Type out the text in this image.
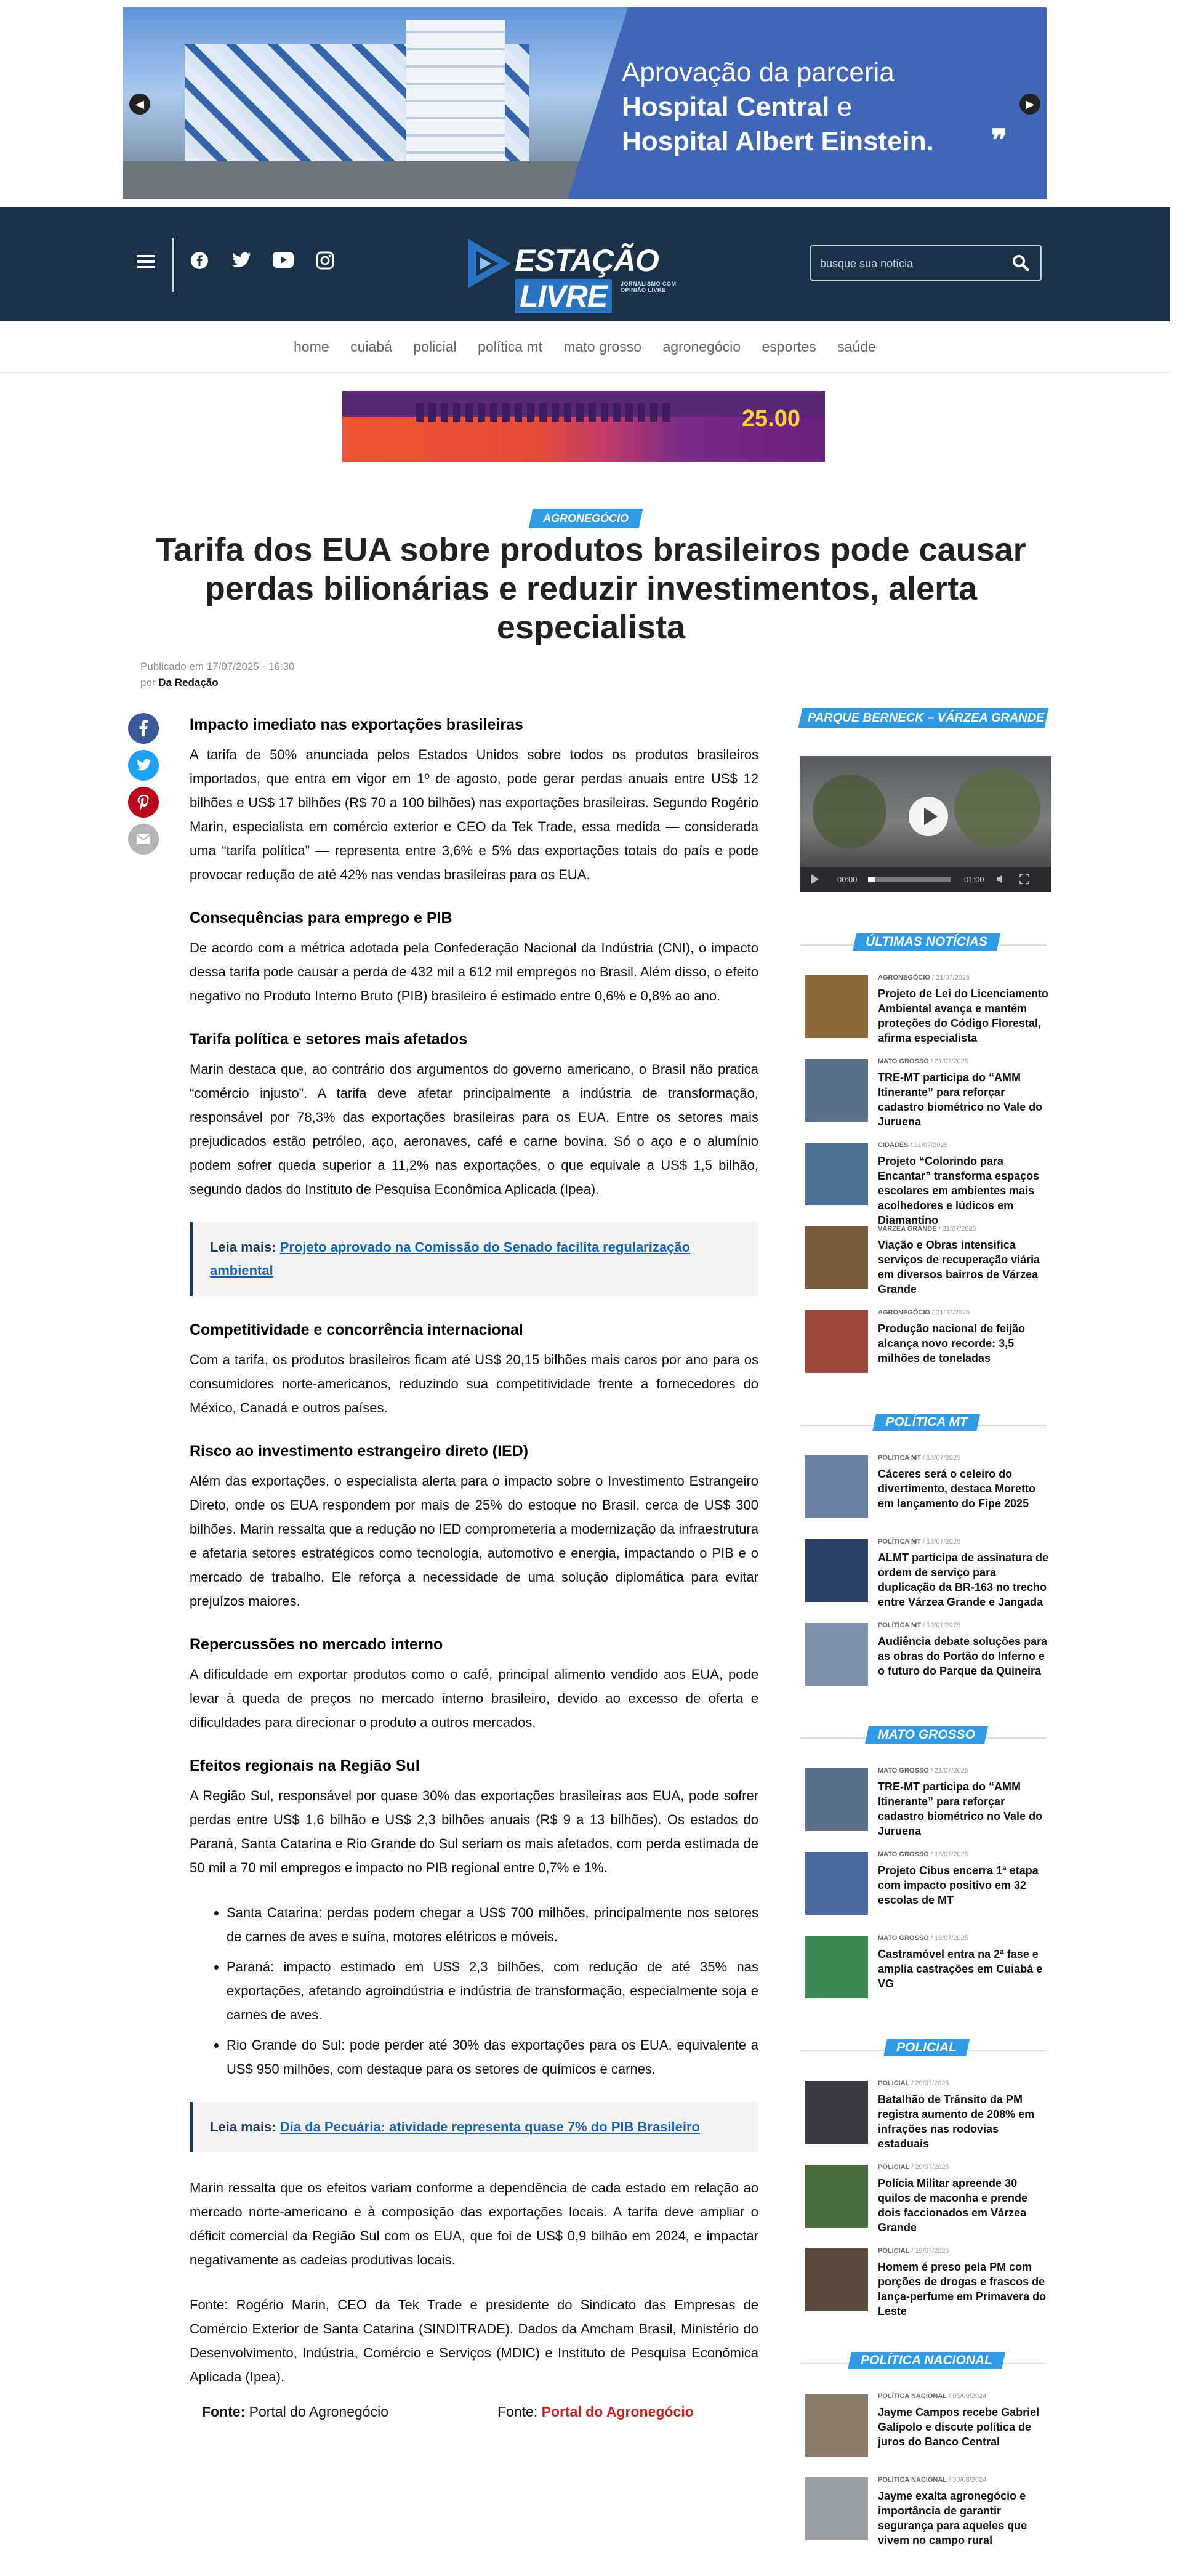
Aprovação da parceria
Hospital Central e
Hospital Albert Einstein. ❞
◀	▶
ESTAÇÃO LIVRE	JORNALISMO COM OPINIÃO LIVRE
busque sua notícia
home cuiabá policial política mt mato grosso agronegócio esportes saúde
25.00
AGRONEGÓCIO
Tarifa dos EUA sobre produtos brasileiros pode causar perdas bilionárias e reduzir investimentos, alerta especialista
Publicado em 17/07/2025 - 16:30
por Da Redação
Impacto imediato nas exportações brasileiras

A tarifa de 50% anunciada pelos Estados Unidos sobre todos os produtos brasileiros importados, que entra em vigor em 1º de agosto, pode gerar perdas anuais entre US$ 12 bilhões e US$ 17 bilhões (R$ 70 a 100 bilhões) nas exportações brasileiras. Segundo Rogério Marin, especialista em comércio exterior e CEO da Tek Trade, essa medida — considerada uma “tarifa política” — representa entre 3,6% e 5% das exportações totais do país e pode provocar redução de até 42% nas vendas brasileiras para os EUA.

Consequências para emprego e PIB

De acordo com a métrica adotada pela Confederação Nacional da Indústria (CNI), o impacto dessa tarifa pode causar a perda de 432 mil a 612 mil empregos no Brasil. Além disso, o efeito negativo no Produto Interno Bruto (PIB) brasileiro é estimado entre 0,6% e 0,8% ao ano.

Tarifa política e setores mais afetados

Marin destaca que, ao contrário dos argumentos do governo americano, o Brasil não pratica “comércio injusto”. A tarifa deve afetar principalmente a indústria de transformação, responsável por 78,3% das exportações brasileiras para os EUA. Entre os setores mais prejudicados estão petróleo, aço, aeronaves, café e carne bovina. Só o aço e o alumínio podem sofrer queda superior a 11,2% nas exportações, o que equivale a US$ 1,5 bilhão, segundo dados do Instituto de Pesquisa Econômica Aplicada (Ipea).

Leia mais: Projeto aprovado na Comissão do Senado facilita regularização ambiental
Competitividade e concorrência internacional

Com a tarifa, os produtos brasileiros ficam até US$ 20,15 bilhões mais caros por ano para os consumidores norte-americanos, reduzindo sua competitividade frente a fornecedores do México, Canadá e outros países.

Risco ao investimento estrangeiro direto (IED)

Além das exportações, o especialista alerta para o impacto sobre o Investimento Estrangeiro Direto, onde os EUA respondem por mais de 25% do estoque no Brasil, cerca de US$ 300 bilhões. Marin ressalta que a redução no IED comprometeria a modernização da infraestrutura e afetaria setores estratégicos como tecnologia, automotivo e energia, impactando o PIB e o mercado de trabalho. Ele reforça a necessidade de uma solução diplomática para evitar prejuízos maiores.

Repercussões no mercado interno

A dificuldade em exportar produtos como o café, principal alimento vendido aos EUA, pode levar à queda de preços no mercado interno brasileiro, devido ao excesso de oferta e dificuldades para direcionar o produto a outros mercados.

Efeitos regionais na Região Sul

A Região Sul, responsável por quase 30% das exportações brasileiras aos EUA, pode sofrer perdas entre US$ 1,6 bilhão e US$ 2,3 bilhões anuais (R$ 9 a 13 bilhões). Os estados do Paraná, Santa Catarina e Rio Grande do Sul seriam os mais afetados, com perda estimada de 50 mil a 70 mil empregos e impacto no PIB regional entre 0,7% e 1%.

• Santa Catarina: perdas podem chegar a US$ 700 milhões, principalmente nos setores de carnes de aves e suína, motores elétricos e móveis.
• Paraná: impacto estimado em US$ 2,3 bilhões, com redução de até 35% nas exportações, afetando agroindústria e indústria de transformação, especialmente soja e carnes de aves.
• Rio Grande do Sul: pode perder até 30% das exportações para os EUA, equivalente a US$ 950 milhões, com destaque para os setores de químicos e carnes.
Leia mais: Dia da Pecuária: atividade representa quase 7% do PIB Brasileiro

Marin ressalta que os efeitos variam conforme a dependência de cada estado em relação ao mercado norte-americano e à composição das exportações locais. A tarifa deve ampliar o déficit comercial da Região Sul com os EUA, que foi de US$ 0,9 bilhão em 2024, e impactar negativamente as cadeias produtivas locais.

Fonte: Rogério Marin, CEO da Tek Trade e presidente do Sindicato das Empresas de Comércio Exterior de Santa Catarina (SINDITRADE). Dados da Amcham Brasil, Ministério do Desenvolvimento, Indústria, Comércio e Serviços (MDIC) e Instituto de Pesquisa Econômica Aplicada (Ipea).

Fonte: Portal do Agronegócio	Fonte: Portal do Agronegócio
PARQUE BERNECK – VÁRZEA GRANDE
00:00	01:00
ÚLTIMAS NOTÍCIAS
AGRONEGÓCIO / 21/07/2025
Projeto de Lei do Licenciamento Ambiental avança e mantém proteções do Código Florestal, afirma especialista
MATO GROSSO / 21/07/2025
TRE-MT participa do “AMM Itinerante” para reforçar cadastro biométrico no Vale do Juruena
CIDADES / 21/07/2025
Projeto “Colorindo para Encantar” transforma espaços escolares em ambientes mais acolhedores e lúdicos em Diamantino
VÁRZEA GRANDE / 21/07/2025
Viação e Obras intensifica serviços de recuperação viária em diversos bairros de Várzea Grande
AGRONEGÓCIO / 21/07/2025
Produção nacional de feijão alcança novo recorde: 3,5 milhões de toneladas
POLÍTICA MT
POLÍTICA MT / 18/07/2025
Cáceres será o celeiro do divertimento, destaca Moretto em lançamento do Fipe 2025
POLÍTICA MT / 18/07/2025
ALMT participa de assinatura de ordem de serviço para duplicação da BR-163 no trecho entre Várzea Grande e Jangada
POLÍTICA MT / 18/07/2025
Audiência debate soluções para as obras do Portão do Inferno e o futuro do Parque da Quineira
MATO GROSSO
MATO GROSSO / 21/07/2025
TRE-MT participa do “AMM Itinerante” para reforçar cadastro biométrico no Vale do Juruena
MATO GROSSO / 18/07/2025
Projeto Cibus encerra 1ª etapa com impacto positivo em 32 escolas de MT
MATO GROSSO / 18/07/2025
Castramóvel entra na 2ª fase e amplia castrações em Cuiabá e VG
POLICIAL
POLICIAL / 20/07/2025
Batalhão de Trânsito da PM registra aumento de 208% em infrações nas rodovias estaduais
POLICIAL / 20/07/2025
Polícia Militar apreende 30 quilos de maconha e prende dois faccionados em Várzea Grande
POLICIAL / 19/07/2025
Homem é preso pela PM com porções de drogas e frascos de lança-perfume em Primavera do Leste
POLÍTICA NACIONAL
POLÍTICA NACIONAL / 05/09/2024
Jayme Campos recebe Gabriel Galípolo e discute política de juros do Banco Central
POLÍTICA NACIONAL / 30/08/2024
Jayme exalta agronegócio e importância de garantir segurança para aqueles que vivem no campo rural
